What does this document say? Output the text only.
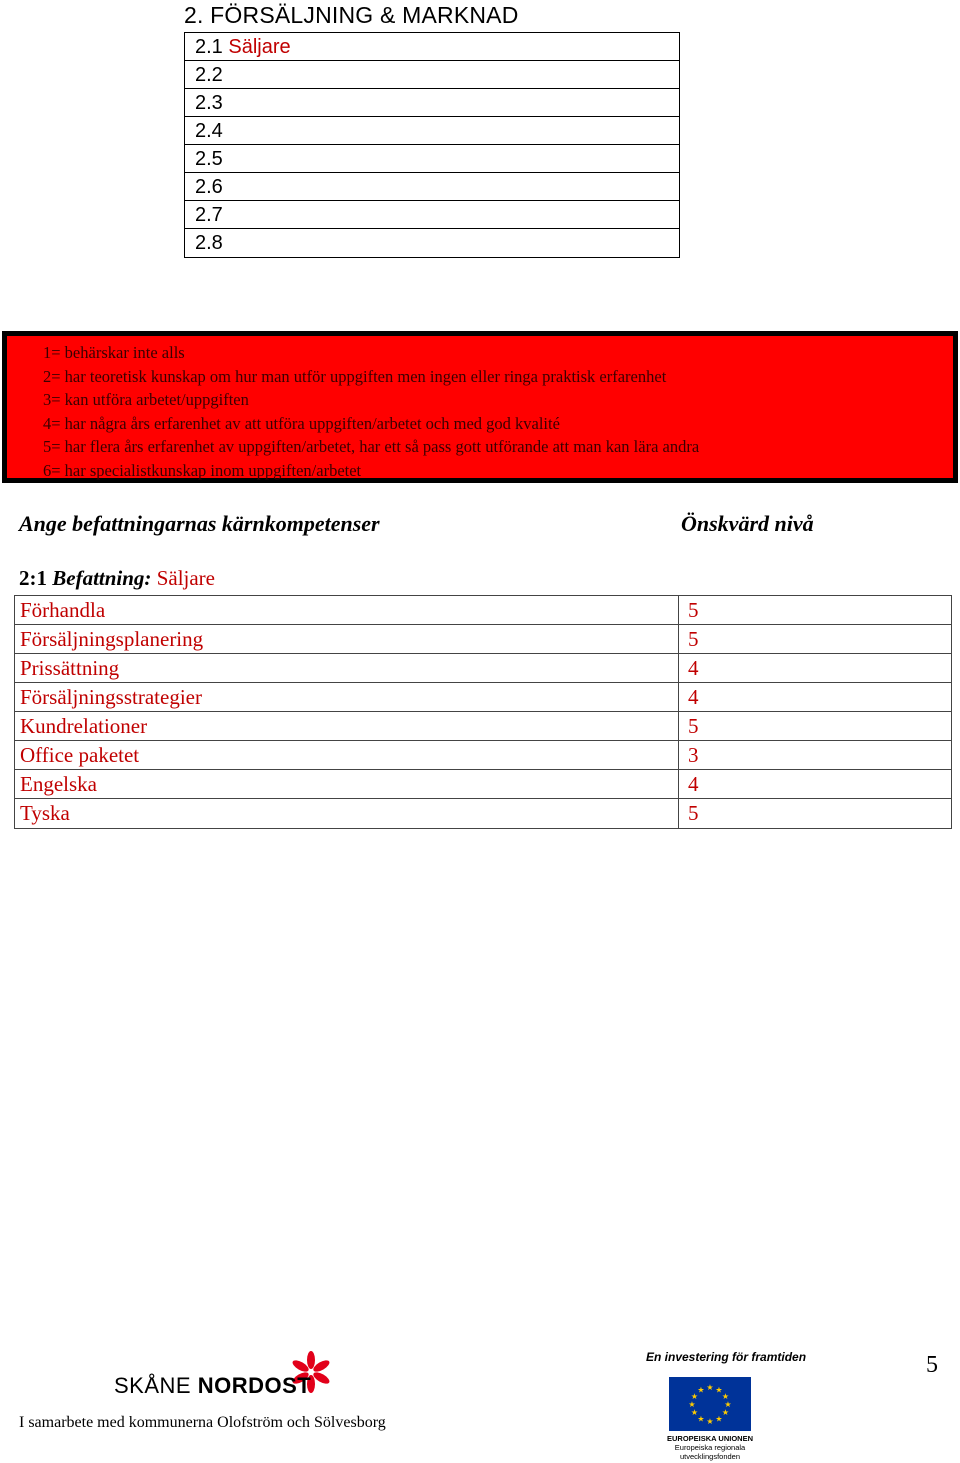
2. FÖRSÄLJNING & MARKNAD
2.1 Säljare
2.2
2.3
2.4
2.5
2.6
2.7
2.8
1= behärskar inte alls
2= har teoretisk kunskap om hur man utför uppgiften men ingen eller ringa praktisk erfarenhet
3= kan utföra arbetet/uppgiften
4= har några års erfarenhet av att utföra uppgiften/arbetet och med god kvalité
5= har flera års erfarenhet av uppgiften/arbetet, har ett så pass gott utförande att man kan lära andra
6= har specialistkunskap inom uppgiften/arbetet
Ange befattningarnas kärnkompetenser	Önskvärd nivå
2:1 Befattning: Säljare
Förhandla	5
Försäljningsplanering	5
Prissättning	4
Försäljningsstrategier	4
Kundrelationer	5
Office paketet	3
Engelska	4
Tyska	5
SKÅNE NORDOST
I samarbete med kommunerna Olofström och Sölvesborg
5
En investering för framtiden
★ ★
★
★
★
★
★
★
★
★
★
★
EUROPEISKA UNIONEN
Europeiska regionala
utvecklingsfonden
